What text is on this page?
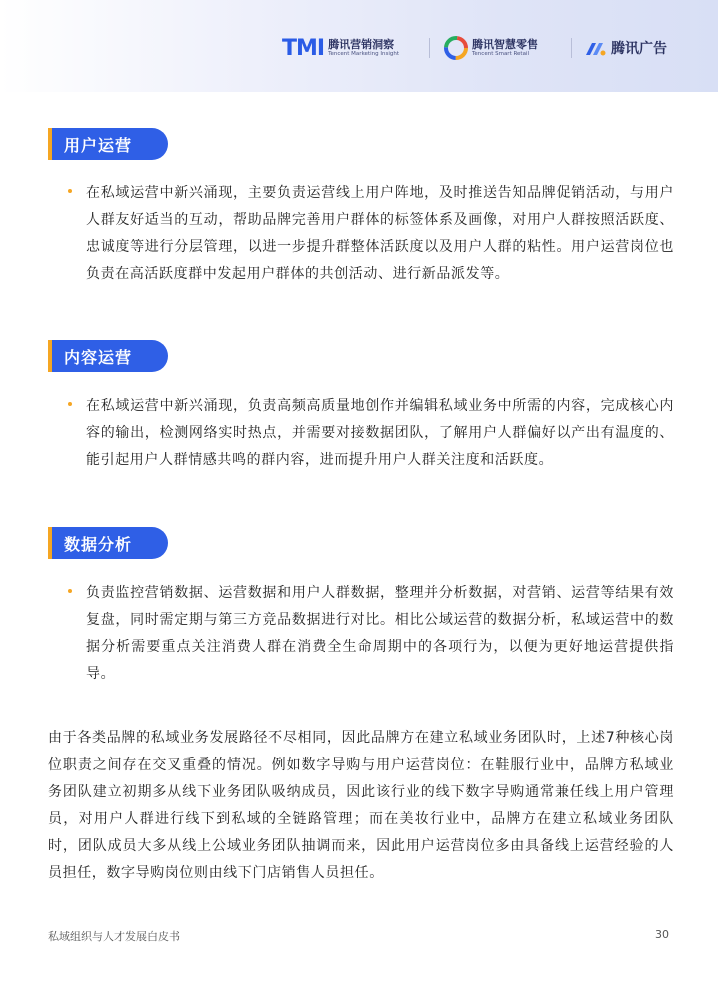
TMI 腾讯营销洞察
Tencent Marketing Insight
腾讯智慧零售
Tencent Smart Retail	腾讯广告
用户运营

在私域运营中新兴涌现，主要负责运营线上用户阵地，及时推送告知品牌促销活动，与用户人群友好适当的互动，帮助品牌完善用户群体的标签体系及画像，对用户人群按照活跃度、忠诚度等进行分层管理，以进一步提升群整体活跃度以及用户人群的粘性。用户运营岗位也负责在高活跃度群中发起用户群体的共创活动、进行新品派发等。

内容运营

在私域运营中新兴涌现，负责高频高质量地创作并编辑私域业务中所需的内容，完成核心内容的输出，检测网络实时热点，并需要对接数据团队，了解用户人群偏好以产出有温度的、能引起用户人群情感共鸣的群内容，进而提升用户人群关注度和活跃度。

数据分析

负责监控营销数据、运营数据和用户人群数据，整理并分析数据，对营销、运营等结果有效复盘，同时需定期与第三方竞品数据进行对比。相比公域运营的数据分析，私域运营中的数据分析需要重点关注消费人群在消费全生命周期中的各项行为，以便为更好地运营提供指导。

由于各类品牌的私域业务发展路径不尽相同，因此品牌方在建立私域业务团队时，上述7种核心岗位职责之间存在交叉重叠的情况。例如数字导购与用户运营岗位：在鞋服行业中，品牌方私域业务团队建立初期多从线下业务团队吸纳成员，因此该行业的线下数字导购通常兼任线上用户管理员，对用户人群进行线下到私域的全链路管理；而在美妆行业中，品牌方在建立私域业务团队时，团队成员大多从线上公域业务团队抽调而来，因此用户运营岗位多由具备线上运营经验的人员担任，数字导购岗位则由线下门店销售人员担任。

私域组织与人才发展白皮书	30
